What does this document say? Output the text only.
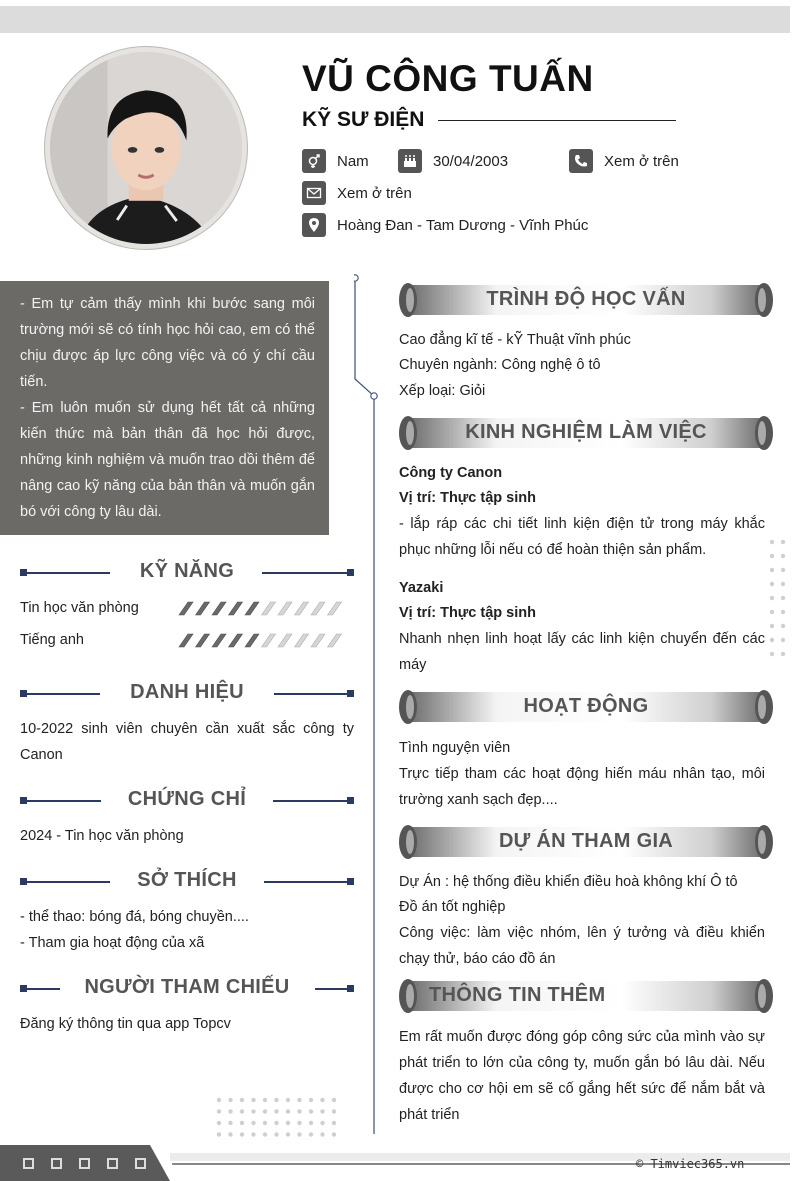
VŨ CÔNG TUẤN
KỸ SƯ ĐIỆN
Nam	30/04/2003	Xem ở trên
Xem ở trên
Hoàng Đan - Tam Dương - Vĩnh Phúc

- Em tự cảm thấy mình khi bước sang môi trường mới sẽ có tính học hỏi cao, em có thể chịu được áp lực công việc và có ý chí cầu tiến.

- Em luôn muốn sử dụng hết tất cả những kiến thức mà bản thân đã học hỏi được, những kinh nghiệm và muốn trao dồi thêm để nâng cao kỹ năng của bản thân và muốn gắn bó với công ty lâu dài.

KỸ NĂNG
Tin học văn phòng
Tiếng anh
DANH HIỆU
10-2022 sinh viên chuyên cần xuất sắc công ty Canon
CHỨNG CHỈ
2024 - Tin học văn phòng
SỞ THÍCH
- thể thao: bóng đá, bóng chuyền....
- Tham gia hoạt động của xã
NGƯỜI THAM CHIẾU
Đăng ký thông tin qua app Topcv
TRÌNH ĐỘ HỌC VẤN
Cao đẳng kĩ tế - kỸ Thuật vĩnh phúc
Chuyên ngành: Công nghệ ô tô
Xếp loại: Giỏi
KINH NGHIỆM LÀM VIỆC
Công ty Canon
Vị trí: Thực tập sinh
- lắp ráp các chi tiết linh kiện điện tử trong máy khắc phục những lỗi nếu có để hoàn thiện sản phẩm.
Yazaki
Vị trí: Thực tập sinh
Nhanh nhẹn linh hoạt lấy các linh kiện chuyển đến các máy
HOẠT ĐỘNG
Tình nguyện viên
Trực tiếp tham các hoạt động hiến máu nhân tạo, môi trường xanh sạch đẹp....
DỰ ÁN THAM GIA
Dự Án : hệ thống điều khiển điều hoà không khí Ô tô
Đồ án tốt nghiệp
Công việc: làm việc nhóm, lên ý tưởng và điều khiển chạy thử, báo cáo đồ án
THÔNG TIN THÊM
Em rất muốn được đóng góp công sức của mình vào sự phát triển to lớn của công ty, muốn gắn bó lâu dài. Nếu được cho cơ hội em sẽ cố gắng hết sức để nắm bắt và phát triển
© Timviec365.vn
